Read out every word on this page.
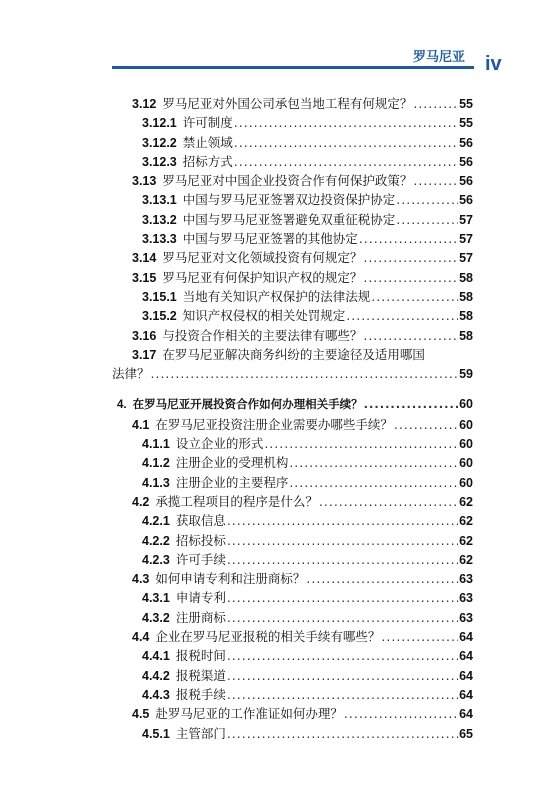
罗马尼亚 iv
3.12 罗马尼亚对外国公司承包当地工程有何规定？ .....	55
3.12.1 许可制度 .....	55
3.12.2 禁止领域 .....	56
3.12.3 招标方式 .....	56
3.13 罗马尼亚对中国企业投资合作有何保护政策？ .....	56
3.13.1 中国与罗马尼亚签署双边投资保护协定 .....	56
3.13.2 中国与罗马尼亚签署避免双重征税协定 .....	57
3.13.3 中国与罗马尼亚签署的其他协定 .....	57
3.14 罗马尼亚对文化领域投资有何规定？ .....	57
3.15 罗马尼亚有何保护知识产权的规定？ .....	58
3.15.1 当地有关知识产权保护的法律法规 .....	58
3.15.2 知识产权侵权的相关处罚规定 .....	58
3.16 与投资合作相关的主要法律有哪些？ .....	58
3.17 在罗马尼亚解决商务纠纷的主要途径及适用哪国
法律？ .....	59
4. 在罗马尼亚开展投资合作如何办理相关手续？ .....	60
4.1 在罗马尼亚投资注册企业需要办哪些手续？ .....	60
4.1.1 设立企业的形式 .....	60
4.1.2 注册企业的受理机构 .....	60
4.1.3 注册企业的主要程序 .....	60
4.2 承揽工程项目的程序是什么？ .....	62
4.2.1 获取信息 .....	62
4.2.2 招标投标 .....	62
4.2.3 许可手续 .....	62
4.3 如何申请专利和注册商标？ .....	63
4.3.1 申请专利 .....	63
4.3.2 注册商标 .....	63
4.4 企业在罗马尼亚报税的相关手续有哪些？ .....	64
4.4.1 报税时间 .....	64
4.4.2 报税渠道 .....	64
4.4.3 报税手续 .....	64
4.5 赴罗马尼亚的工作准证如何办理？ .....	64
4.5.1 主管部门 .....	65
